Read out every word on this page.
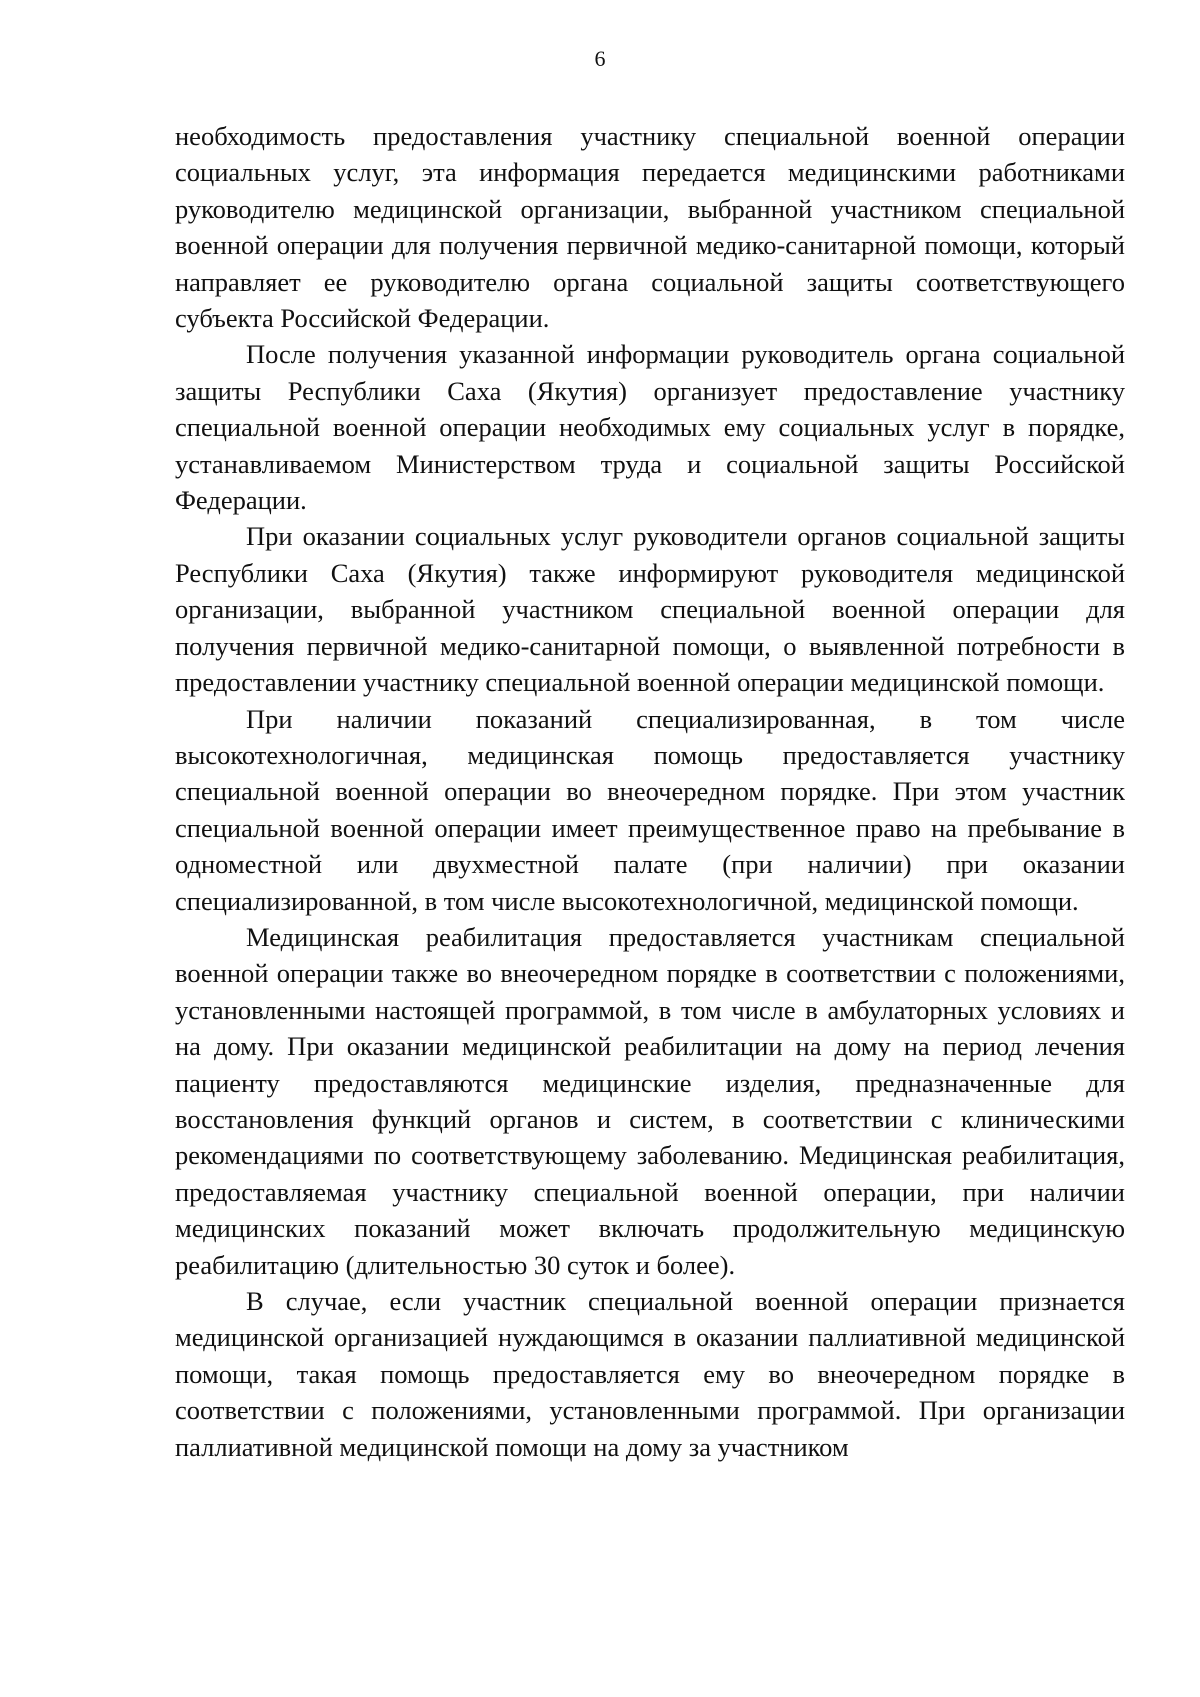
6

необходимость предоставления участнику специальной военной операции социальных услуг, эта информация передается медицинскими работниками руководителю медицинской организации, выбранной участником специальной военной операции для получения первичной медико-санитарной помощи, который направляет ее руководителю органа социальной защиты соответствующего субъекта Российской Федерации.

После получения указанной информации руководитель органа социальной защиты Республики Саха (Якутия) организует предоставление участнику специальной военной операции необходимых ему социальных услуг в порядке, устанавливаемом Министерством труда и социальной защиты Российской Федерации.

При оказании социальных услуг руководители органов социальной защиты Республики Саха (Якутия) также информируют руководителя медицинской организации, выбранной участником специальной военной операции для получения первичной медико-санитарной помощи, о выявленной потребности в предоставлении участнику специальной военной операции медицинской помощи.

При наличии показаний специализированная, в том числе высокотехнологичная, медицинская помощь предоставляется участнику специальной военной операции во внеочередном порядке. При этом участник специальной военной операции имеет преимущественное право на пребывание в одноместной или двухместной палате (при наличии) при оказании специализированной, в том числе высокотехнологичной, медицинской помощи.

Медицинская реабилитация предоставляется участникам специальной военной операции также во внеочередном порядке в соответствии с положениями, установленными настоящей программой, в том числе в амбулаторных условиях и на дому. При оказании медицинской реабилитации на дому на период лечения пациенту предоставляются медицинские изделия, предназначенные для восстановления функций органов и систем, в соответствии с клиническими рекомендациями по соответствующему заболеванию. Медицинская реабилитация, предоставляемая участнику специальной военной операции, при наличии медицинских показаний может включать продолжительную медицинскую реабилитацию (длительностью 30 суток и более).

В случае, если участник специальной военной операции признается медицинской организацией нуждающимся в оказании паллиативной медицинской помощи, такая помощь предоставляется ему во внеочередном порядке в соответствии с положениями, установленными программой. При организации паллиативной медицинской помощи на дому за участником
